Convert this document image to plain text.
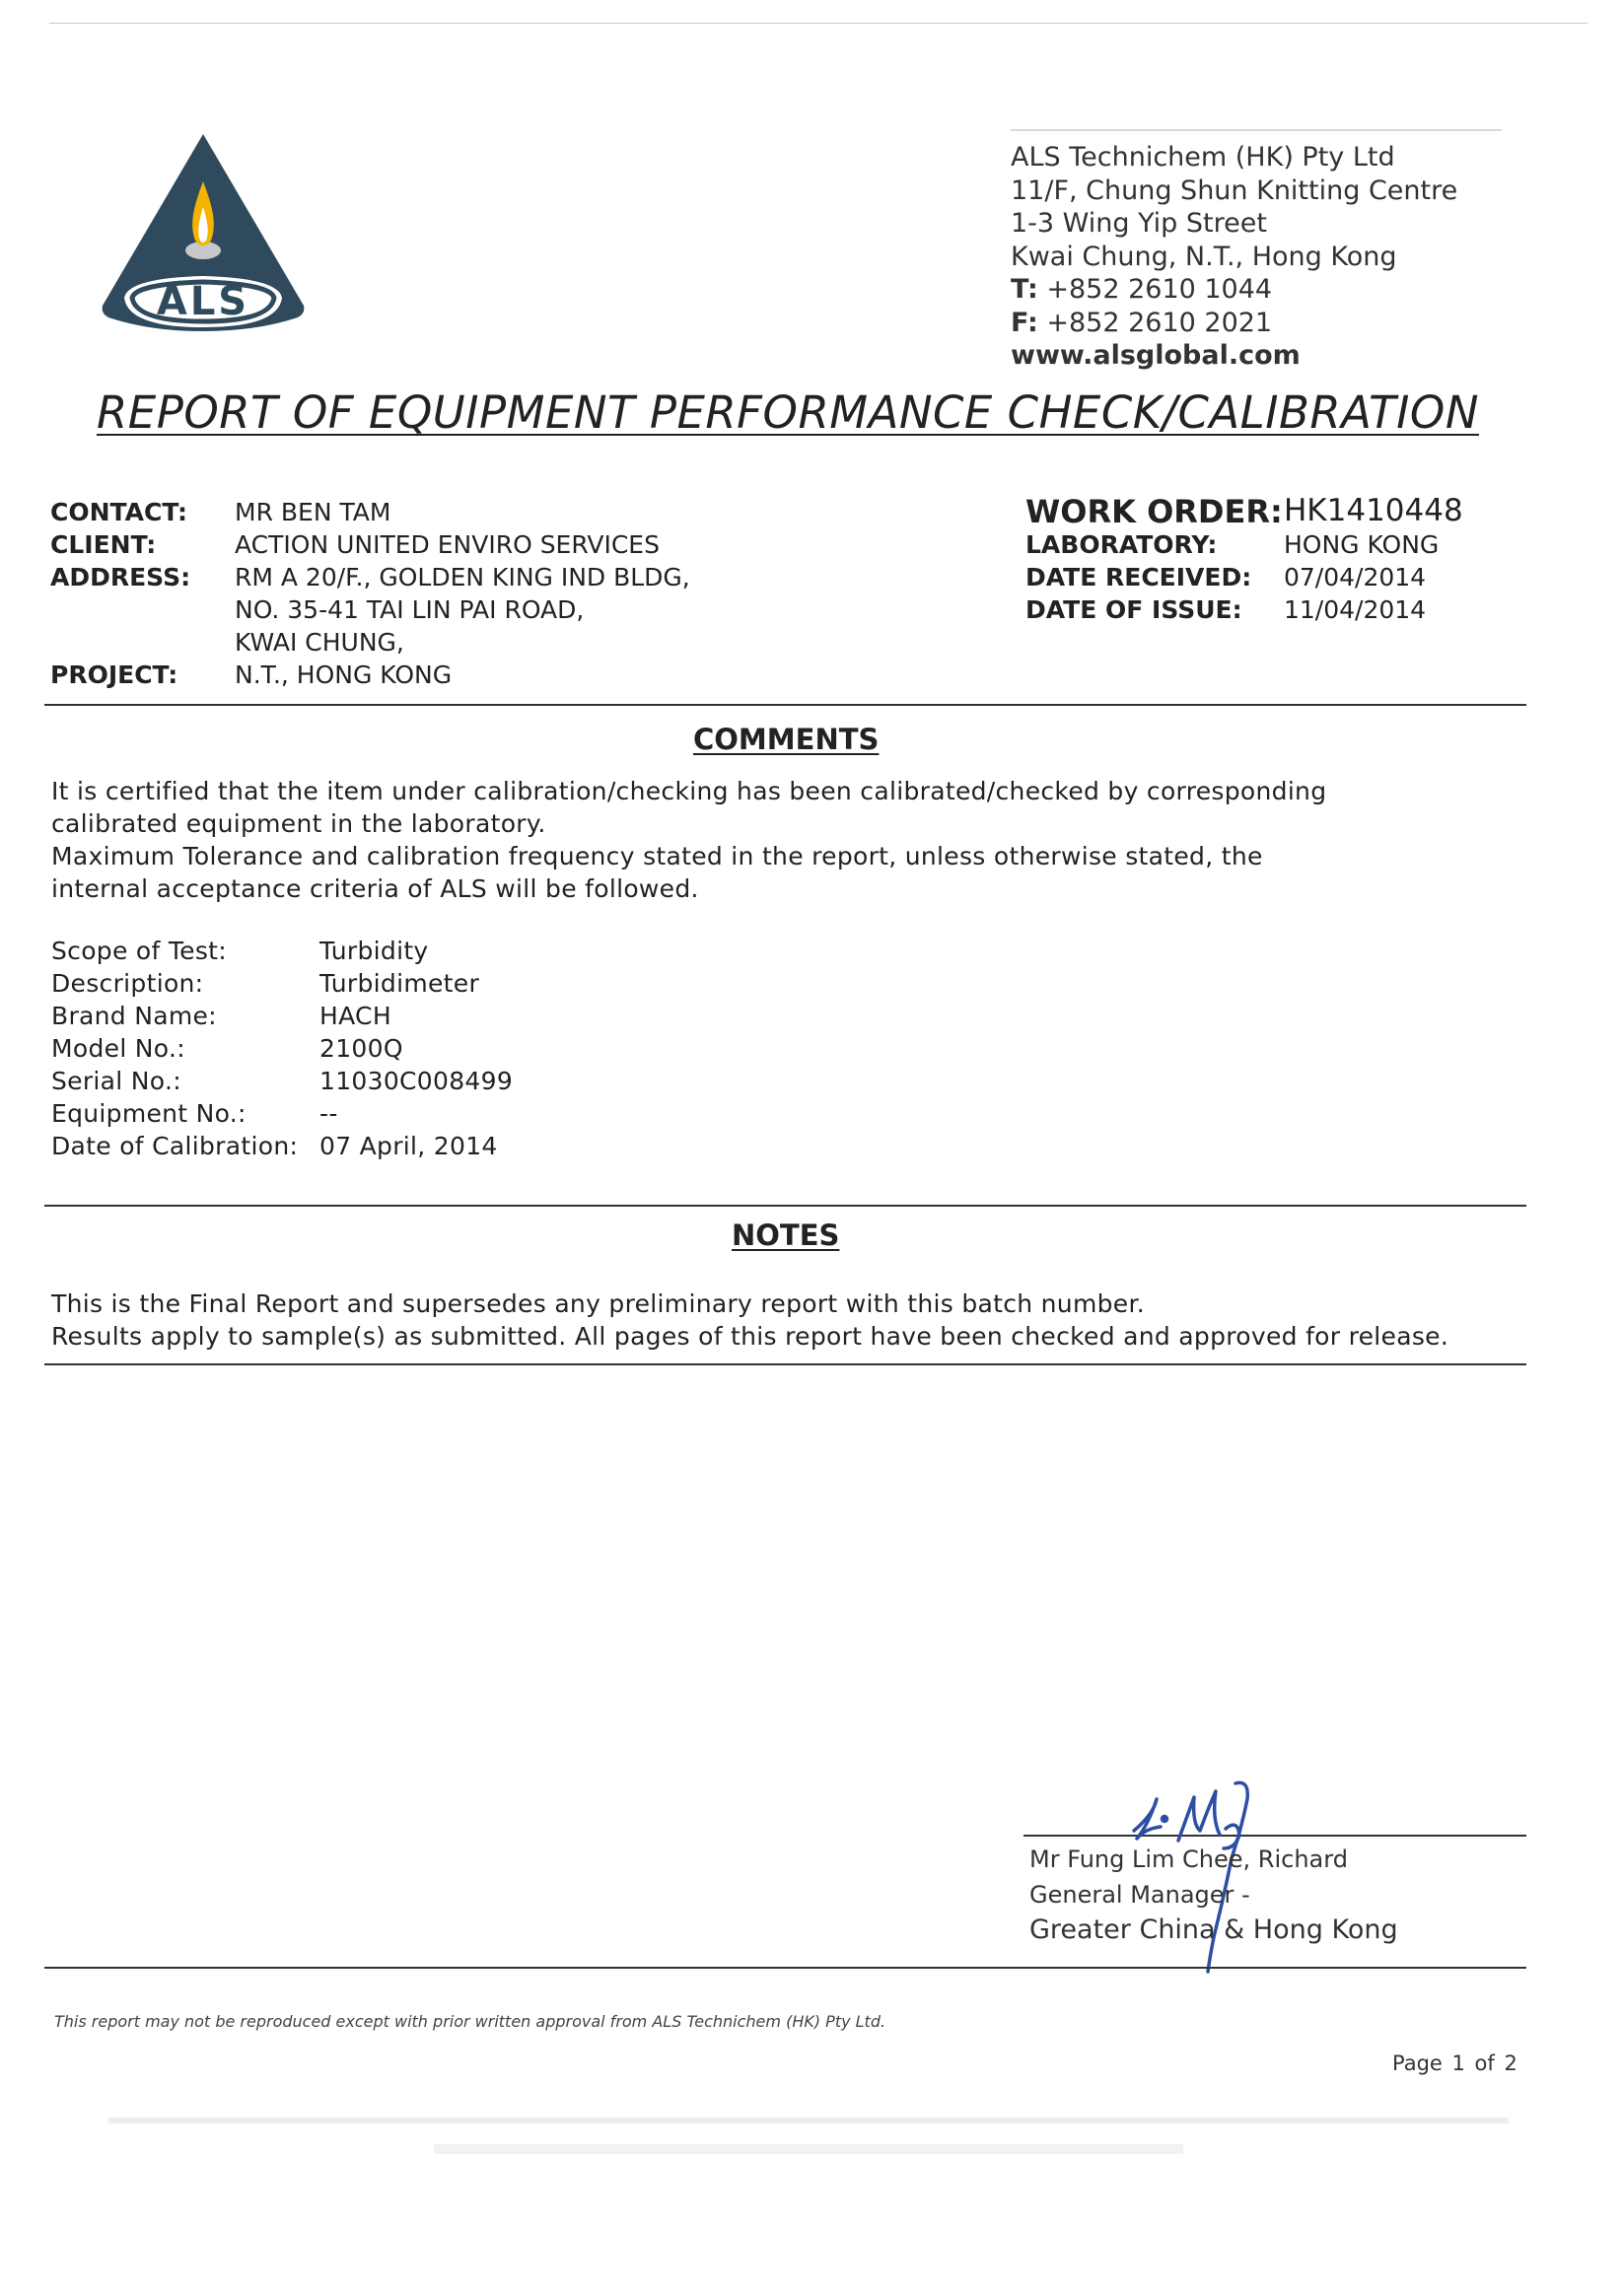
ALS
ALS Technichem (HK) Pty Ltd
11/F, Chung Shun Knitting Centre
1-3 Wing Yip Street
Kwai Chung, N.T., Hong Kong
T: +852 2610 1044
F: +852 2610 2021
www.alsglobal.com
REPORT OF EQUIPMENT PERFORMANCE CHECK/CALIBRATION
CONTACT: MR BEN TAM
CLIENT:	ACTION UNITED ENVIRO SERVICES
ADDRESS: RM A 20/F., GOLDEN KING IND BLDG,
NO. 35-41 TAI LIN PAI ROAD,
KWAI CHUNG,
PROJECT: N.T., HONG KONG
WORK ORDER: HK1410448
LABORATORY:	HONG KONG
DATE RECEIVED: 07/04/2014
DATE OF ISSUE: 11/04/2014
COMMENTS
It is certified that the item under calibration/checking has been calibrated/checked by corresponding
calibrated equipment in the laboratory.
Maximum Tolerance and calibration frequency stated in the report, unless otherwise stated, the
internal acceptance criteria of ALS will be followed.
Scope of Test:	Turbidity
Description:	Turbidimeter
Brand Name:	HACH
Model No.:	2100Q
Serial No.:	11030C008499
Equipment No.:	--
Date of Calibration: 07 April, 2014
NOTES
This is the Final Report and supersedes any preliminary report with this batch number.
Results apply to sample(s) as submitted. All pages of this report have been checked and approved for release.
Mr Fung Lim Chee, Richard
General Manager -
Greater China & Hong Kong
This report may not be reproduced except with prior written approval from ALS Technichem (HK) Pty Ltd.
Page 1 of 2
